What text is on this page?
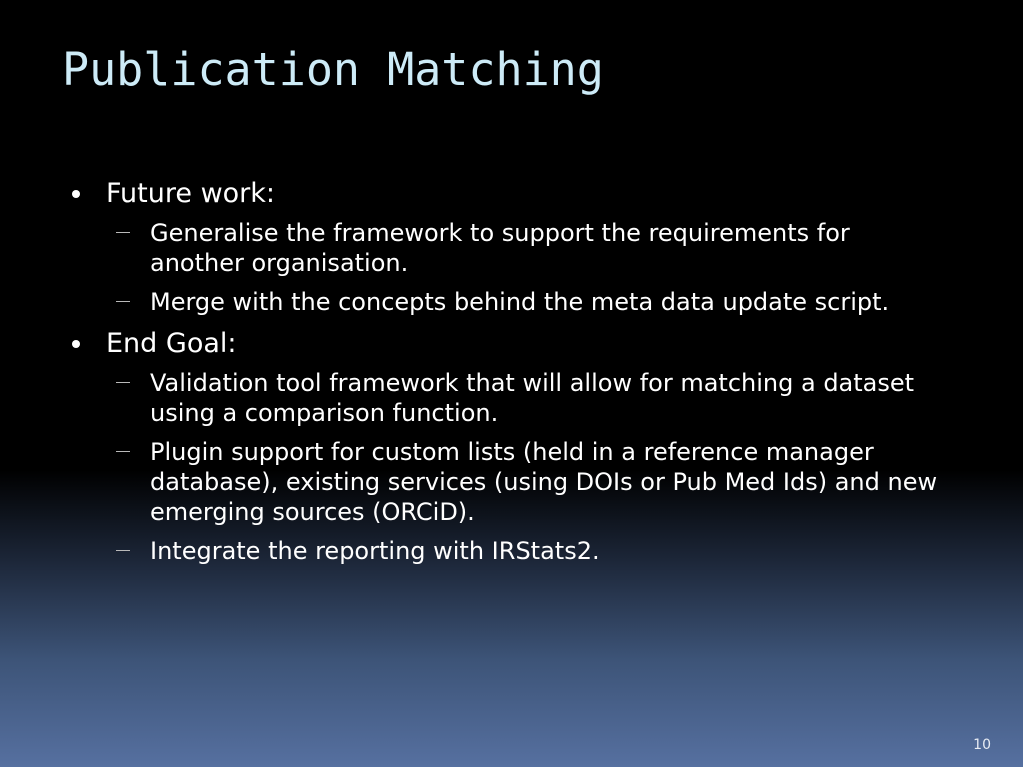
Publication Matching
Future work:
Generalise the framework to support the requirements for another organisation.
Merge with the concepts behind the meta data update script.
End Goal:
Validation tool framework that will allow for matching a dataset using a comparison function.
Plugin support for custom lists (held in a reference manager database), existing services (using DOIs or Pub Med Ids) and new emerging sources (ORCiD).
Integrate the reporting with IRStats2.
10
